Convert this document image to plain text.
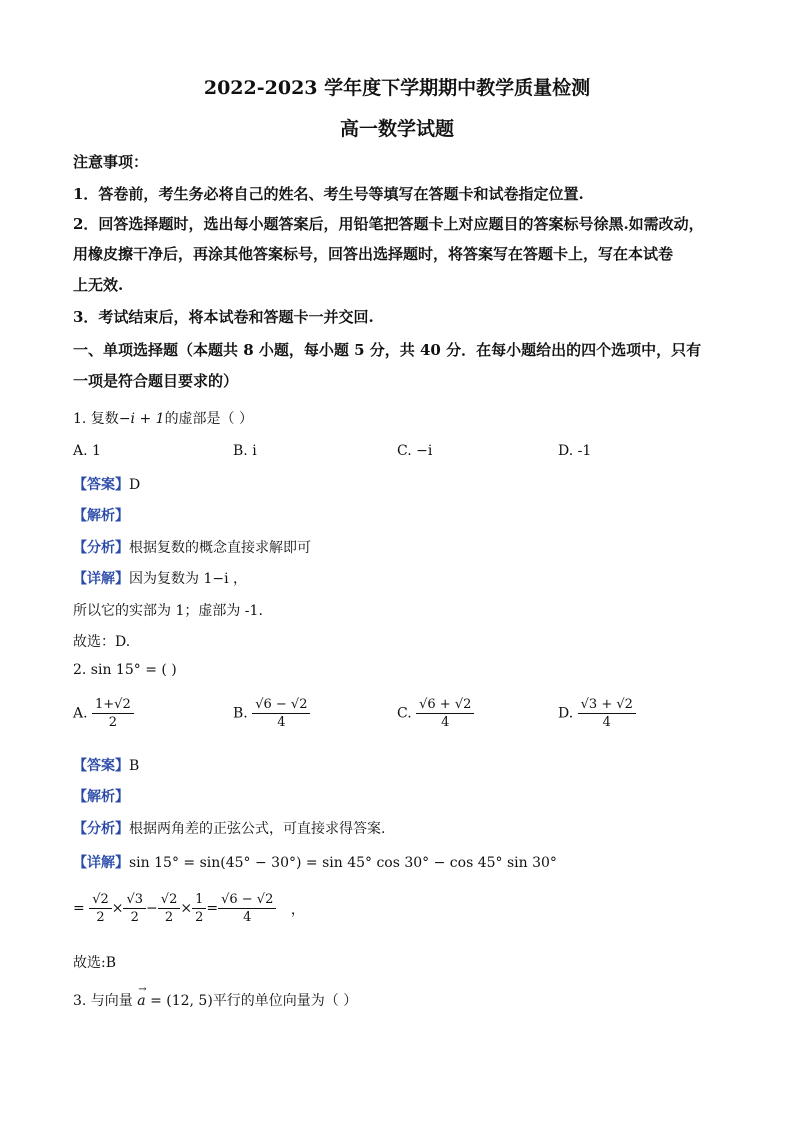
2022-2023 学年度下学期期中教学质量检测
高一数学试题
注意事项：
1．答卷前，考生务必将自己的姓名、考生号等填写在答题卡和试卷指定位置.
2．回答选择题时，选出每小题答案后，用铅笔把答题卡上对应题目的答案标号徐黑.如需改动，
用橡皮擦干净后，再涂其他答案标号，回答出选择题时，将答案写在答题卡上，写在本试卷
上无效.
3．考试结束后，将本试卷和答题卡一并交回.
一、单项选择题（本题共 8 小题，每小题 5 分，共 40 分．在每小题给出的四个选项中，只有
一项是符合题目要求的）
1. 复数−i + 1的虚部是（ ）
A. 1	B. i	C. −i	D. -1
【答案】D
【解析】
【分析】根据复数的概念直接求解即可
【详解】因为复数为 1−i ，
所以它的实部为 1；虚部为 -1.
故选：D.
2. sin 15° = ( )
A. $\frac{1+√2}{2}$	B. $\frac{√6 - √2}{4}$	C. $\frac{√6 + √2}{4}$	D. $\frac{√3 + √2}{4}$
【答案】B
【解析】
【分析】根据两角差的正弦公式，可直接求得答案.
【详解】sin 15° = sin(45° − 30°) = sin 45° cos 30° − cos 45° sin 30°
= $\frac{√2}{2} \times \frac{√3}{2} - \frac{√2}{2} \times \frac{1}{2} = \frac{√6 - √2}{4}$ ，
故选:B
3. 与向量
→
a = (12, 5)平行的单位向量为（ ）
